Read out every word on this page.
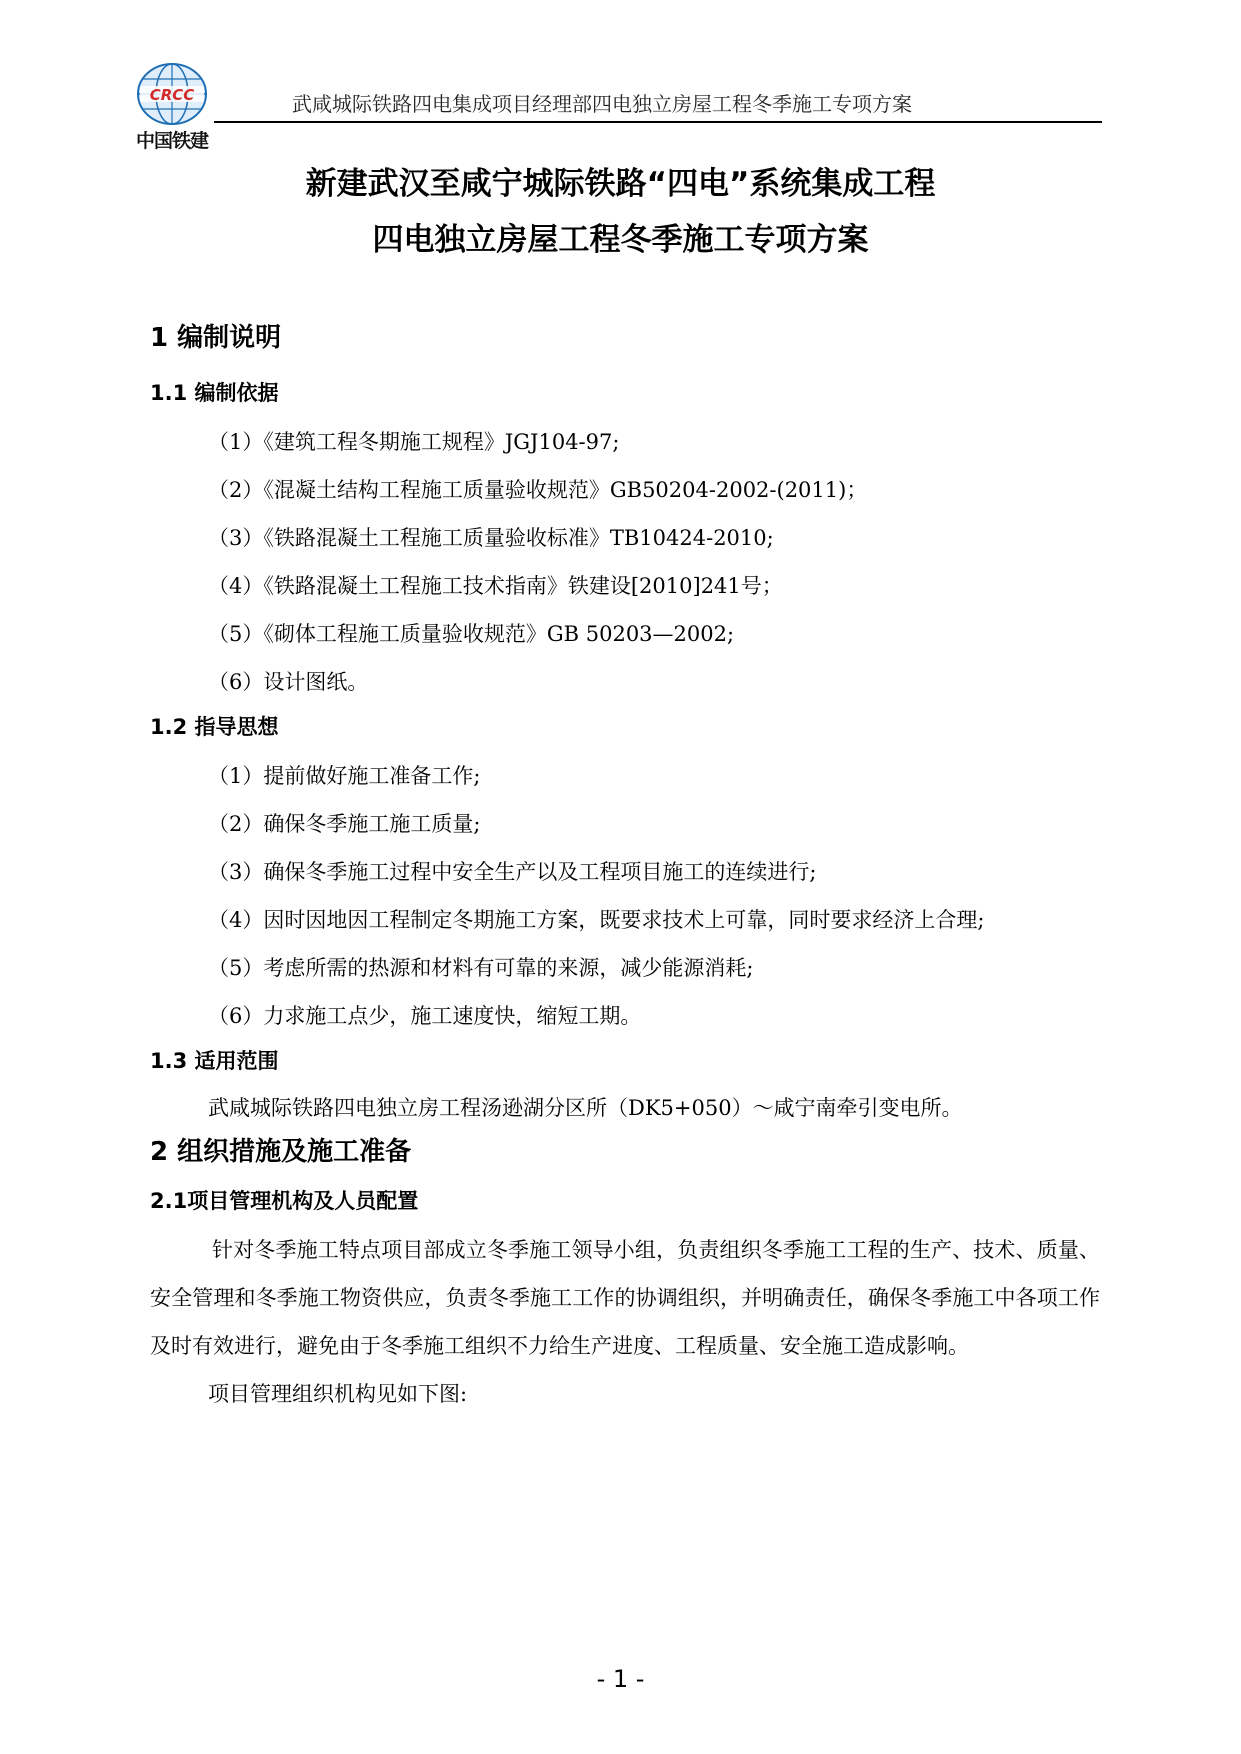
CRCC
中国铁建
武咸城际铁路四电集成项目经理部四电独立房屋工程冬季施工专项方案
新建武汉至咸宁城际铁路“四电”系统集成工程
四电独立房屋工程冬季施工专项方案
1 编制说明
1.1 编制依据

（1）《建筑工程冬期施工规程》JGJ104-97;

（2）《混凝土结构工程施工质量验收规范》GB50204-2002-(2011)；

（3）《铁路混凝土工程施工质量验收标准》TB10424-2010;

（4）《铁路混凝土工程施工技术指南》铁建设[2010]241号；

（5）《砌体工程施工质量验收规范》GB 50203—2002;

（6）设计图纸。

1.2 指导思想

（1）提前做好施工准备工作;

（2）确保冬季施工施工质量;

（3）确保冬季施工过程中安全生产以及工程项目施工的连续进行;

（4）因时因地因工程制定冬期施工方案，既要求技术上可靠，同时要求经济上合理;

（5）考虑所需的热源和材料有可靠的来源，减少能源消耗;

（6）力求施工点少，施工速度快，缩短工期。

1.3 适用范围

武咸城际铁路四电独立房工程汤逊湖分区所（DK5+050）～咸宁南牵引变电所。

2 组织措施及施工准备
2.1项目管理机构及人员配置

针对冬季施工特点项目部成立冬季施工领导小组，负责组织冬季施工工程的生产、技术、质量、安全管理和冬季施工物资供应，负责冬季施工工作的协调组织，并明确责任，确保冬季施工中各项工作及时有效进行，避免由于冬季施工组织不力给生产进度、工程质量、安全施工造成影响。

项目管理组织机构见如下图:

- 1 -
